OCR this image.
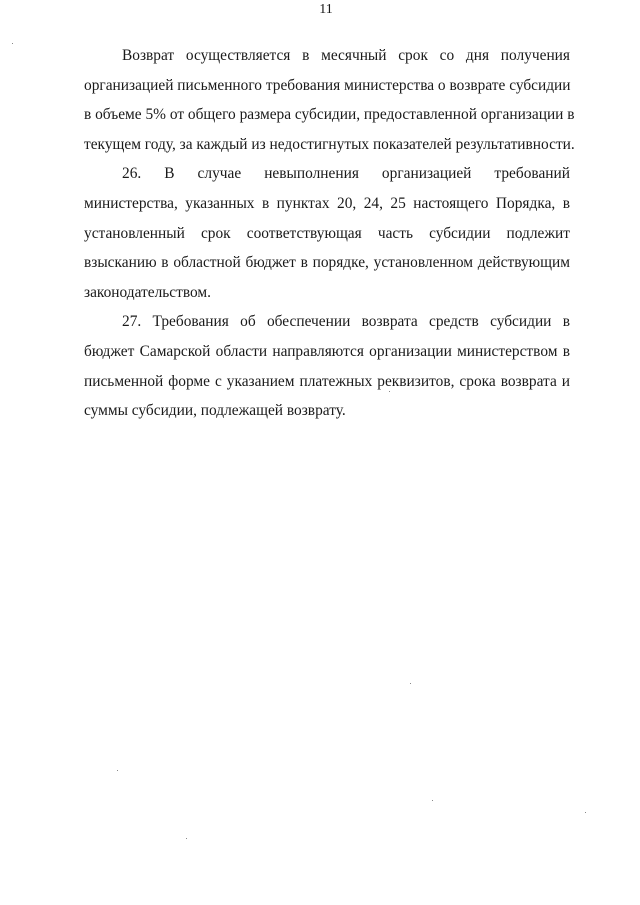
11

Возврат осуществляется в месячный срок со дня получения
организацией письменного требования министерства о возврате субсидии
в объеме 5% от общего размера субсидии, предоставленной организации в
текущем году, за каждый из недостигнутых показателей результативности.

26. В случае невыполнения организацией требований
министерства, указанных в пунктах 20, 24, 25 настоящего Порядка, в
установленный срок соответствующая часть субсидии подлежит
взысканию в областной бюджет в порядке, установленном действующим
законодательством.

27. Требования об обеспечении возврата средств субсидии в
бюджет Самарской области направляются организации министерством в
письменной форме с указанием платежных реквизитов, срока возврата и
суммы субсидии, подлежащей возврату.
